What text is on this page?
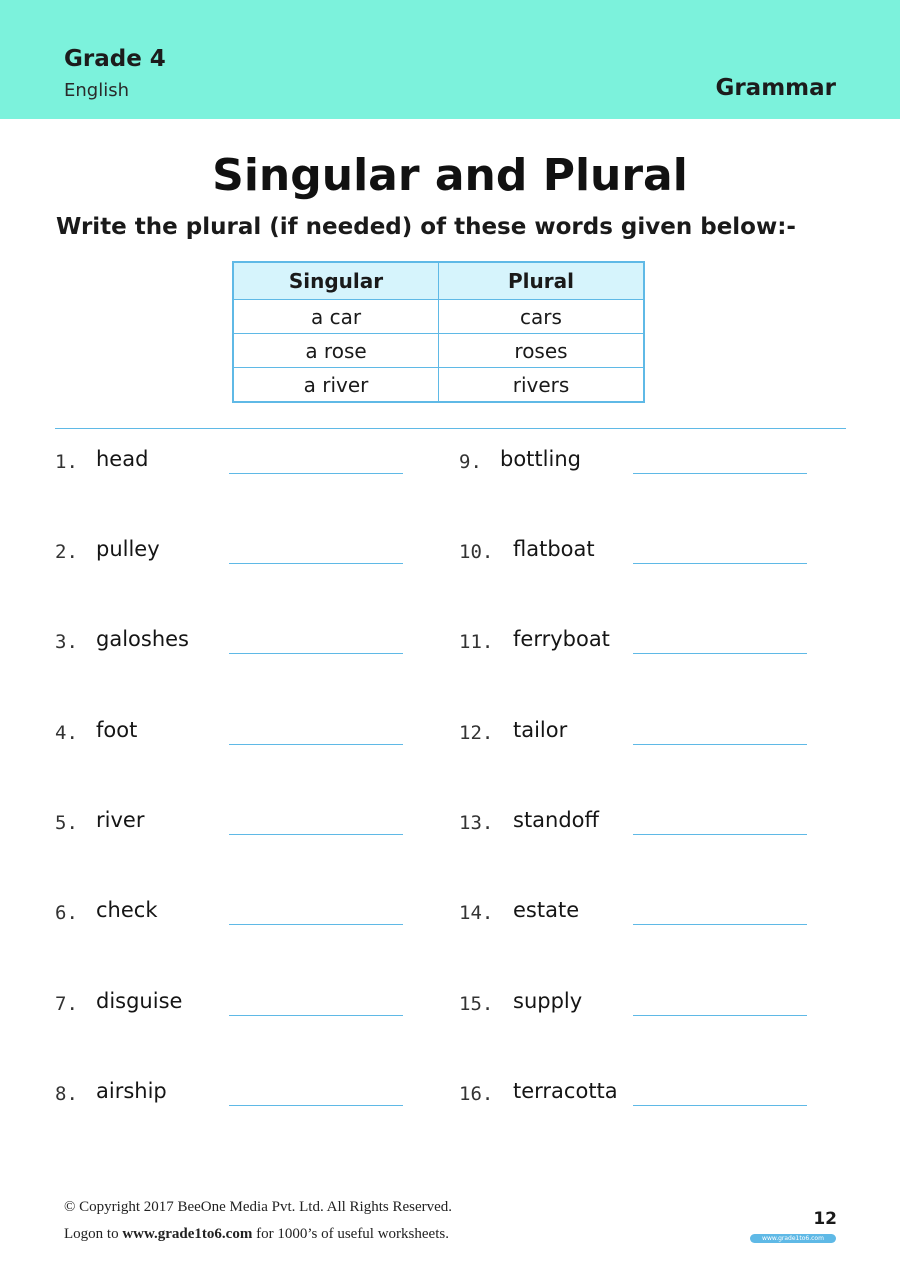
Grade 4
English	Grammar
Singular and Plural
Write the plural (if needed) of these words given below:-
Singular	Plural
a car	cars
a rose	roses
a river	rivers
1. head
2. pulley
3. galoshes
4. foot
5. river
6. check
7. disguise
8. airship
9. bottling
10. flatboat
11. ferryboat
12. tailor
13. standoff
14. estate
15. supply
16. terracotta
© Copyright 2017 BeeOne Media Pvt. Ltd. All Rights Reserved.
Logon to www.grade1to6.com for 1000’s of useful worksheets.
12
www.grade1to6.com
